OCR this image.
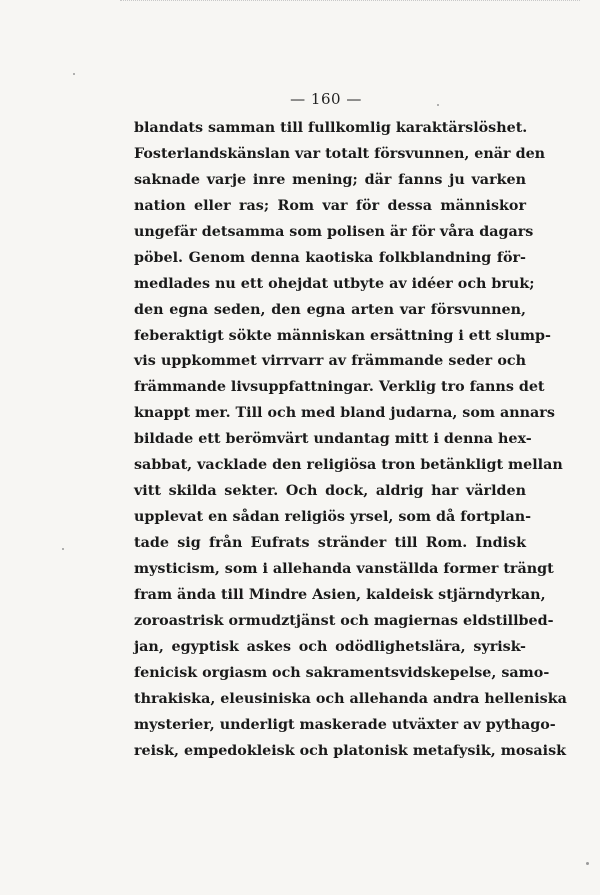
— 160 —
blandats samman till fullkomlig karaktärslöshet.
Fosterlandskänslan var totalt försvunnen, enär den
saknade varje inre mening; där fanns ju varken
nation eller ras; Rom var för dessa människor
ungefär detsamma som polisen är för våra dagars
pöbel. Genom denna kaotiska folkblandning för-
medlades nu ett ohejdat utbyte av idéer och bruk;
den egna seden, den egna arten var försvunnen,
feberaktigt sökte människan ersättning i ett slump-
vis uppkommet virrvarr av främmande seder och
främmande livsuppfattningar. Verklig tro fanns det
knappt mer. Till och med bland judarna, som annars
bildade ett berömvärt undantag mitt i denna hex-
sabbat, vacklade den religiösa tron betänkligt mellan
vitt skilda sekter. Och dock, aldrig har världen
upplevat en sådan religiös yrsel, som då fortplan-
tade sig från Eufrats stränder till Rom. Indisk
mysticism, som i allehanda vanställda former trängt
fram ända till Mindre Asien, kaldeisk stjärndyrkan,
zoroastrisk ormudztjänst och magiernas eldstillbed-
jan, egyptisk askes och odödlighetslära, syrisk-
fenicisk orgiasm och sakramentsvidskepelse, samo-
thrakiska, eleusiniska och allehanda andra helleniska
mysterier, underligt maskerade utväxter av pythago-
reisk, empedokleisk och platonisk metafysik, mosaisk
